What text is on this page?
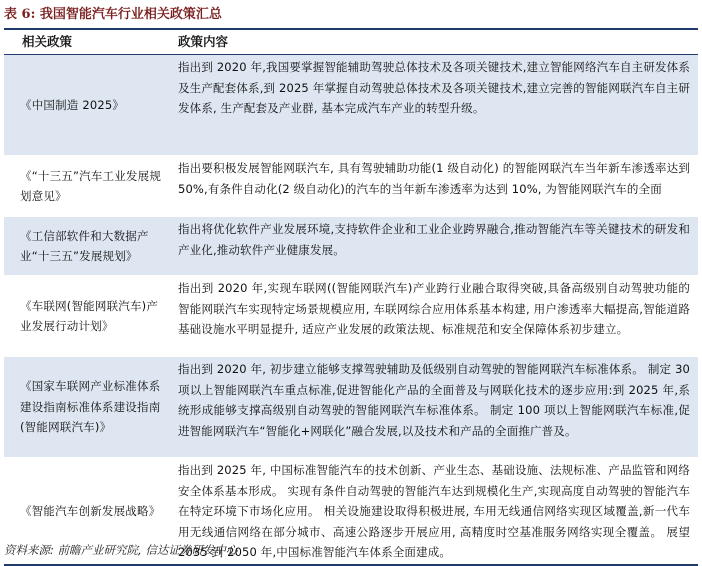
表 6: 我国智能汽车行业相关政策汇总
相关政策	政策内容
《中国制造 2025》
指出到 2020 年,我国要掌握智能辅助驾驶总体技术及各项关键技术,建立智能网络汽车自主研发体系及生产配套体系,到 2025 年掌握自动驾驶总体技术及各项关键技术,建立完善的智能网联汽车自主研发体系, 生产配套及产业群, 基本完成汽车产业的转型升级。
《“十三五”汽车工业发展规划意见》
指出要积极发展智能网联汽车, 具有驾驶辅助功能(1 级自动化) 的智能网联汽车当年新车渗透率达到 50%,有条件自动化(2 级自动化)的汽车的当年新车渗透率为达到 10%, 为智能网联汽车的全面
《工信部软件和大数据产业“十三五”发展规划》
指出将优化软件产业发展环境,支持软件企业和工业企业跨界融合,推动智能汽车等关键技术的研发和产业化,推动软件产业健康发展。
《车联网(智能网联汽车)产业发展行动计划》
指出到 2020 年,实现车联网((智能网联汽车)产业跨行业融合取得突破,具备高级别自动驾驶功能的智能网联汽车实现特定场景规模应用, 车联网综合应用体系基本构建, 用户渗透率大幅提高,智能道路基础设施水平明显提升, 适应产业发展的政策法规、标准规范和安全保障体系初步建立。
《国家车联网产业标准体系建设指南标准体系建设指南 (智能网联汽车)》
指出到 2020 年, 初步建立能够支撑驾驶辅助及低级别自动驾驶的智能网联汽车标准体系。 制定 30 项以上智能网联汽车重点标准,促进智能化产品的全面普及与网联化技术的逐步应用:到 2025 年,系统形成能够支撑高级别自动驾驶的智能网联汽车标准体系。 制定 100 项以上智能网联汽车标准,促进智能网联汽车“智能化+网联化”融合发展,以及技术和产品的全面推广普及。
《智能汽车创新发展战略》
指出到 2025 年, 中国标准智能汽车的技术创新、产业生态、基础设施、法规标准、产品监管和网络安全体系基本形成。 实现有条件自动驾驶的智能汽车达到规模化生产,实现高度自动驾驶的智能汽车在特定环境下市场化应用。 相关设施建设取得积极进展, 车用无线通信网络实现区域覆盖,新一代车用无线通信网络在部分城市、高速公路逐步开展应用, 高精度时空基准服务网络实现全覆盖。 展望 2035 到 2050 年,中国标准智能汽车体系全面建成。
资料来源: 前瞻产业研究院, 信达证券研发中心
